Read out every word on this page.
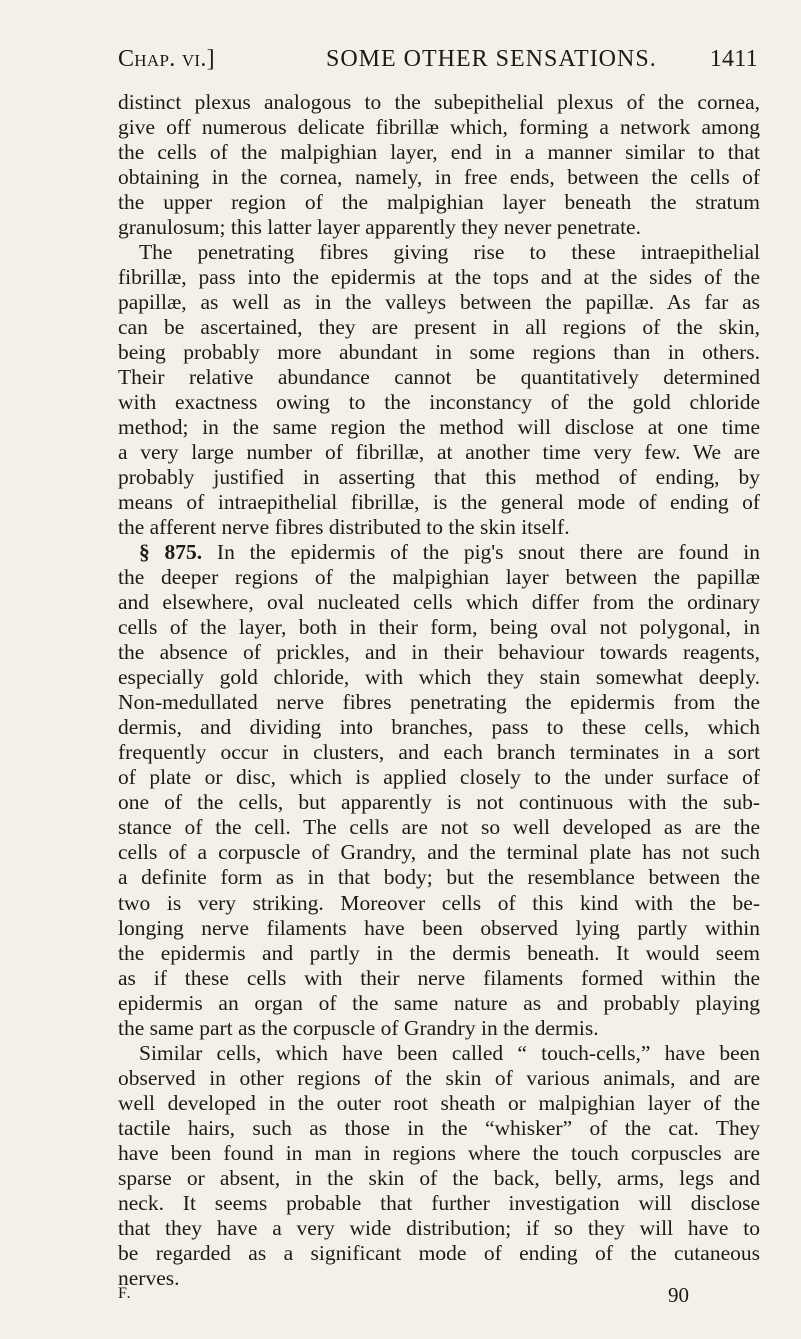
Chap. vi.]	SOME OTHER SENSATIONS. 1411
distinct plexus analogous to the subepithelial plexus of the cornea,
give off numerous delicate fibrillæ which, forming a network among
the cells of the malpighian layer, end in a manner similar to that
obtaining in the cornea, namely, in free ends, between the cells of
the upper region of the malpighian layer beneath the stratum
granulosum; this latter layer apparently they never penetrate.
The penetrating fibres giving rise to these intraepithelial
fibrillæ, pass into the epidermis at the tops and at the sides of the
papillæ, as well as in the valleys between the papillæ. As far as
can be ascertained, they are present in all regions of the skin,
being probably more abundant in some regions than in others.
Their relative abundance cannot be quantitatively determined
with exactness owing to the inconstancy of the gold chloride
method; in the same region the method will disclose at one time
a very large number of fibrillæ, at another time very few. We are
probably justified in asserting that this method of ending, by
means of intraepithelial fibrillæ, is the general mode of ending of
the afferent nerve fibres distributed to the skin itself.
§ 875. In the epidermis of the pig's snout there are found in
the deeper regions of the malpighian layer between the papillæ
and elsewhere, oval nucleated cells which differ from the ordinary
cells of the layer, both in their form, being oval not polygonal, in
the absence of prickles, and in their behaviour towards reagents,
especially gold chloride, with which they stain somewhat deeply.
Non-medullated nerve fibres penetrating the epidermis from the
dermis, and dividing into branches, pass to these cells, which
frequently occur in clusters, and each branch terminates in a sort
of plate or disc, which is applied closely to the under surface of
one of the cells, but apparently is not continuous with the sub-
stance of the cell. The cells are not so well developed as are the
cells of a corpuscle of Grandry, and the terminal plate has not such
a definite form as in that body; but the resemblance between the
two is very striking. Moreover cells of this kind with the be-
longing nerve filaments have been observed lying partly within
the epidermis and partly in the dermis beneath. It would seem
as if these cells with their nerve filaments formed within the
epidermis an organ of the same nature as and probably playing
the same part as the corpuscle of Grandry in the dermis.
Similar cells, which have been called “ touch-cells,” have been
observed in other regions of the skin of various animals, and are
well developed in the outer root sheath or malpighian layer of the
tactile hairs, such as those in the “whisker” of the cat. They
have been found in man in regions where the touch corpuscles are
sparse or absent, in the skin of the back, belly, arms, legs and
neck. It seems probable that further investigation will disclose
that they have a very wide distribution; if so they will have to
be regarded as a significant mode of ending of the cutaneous
nerves.
F.	90
